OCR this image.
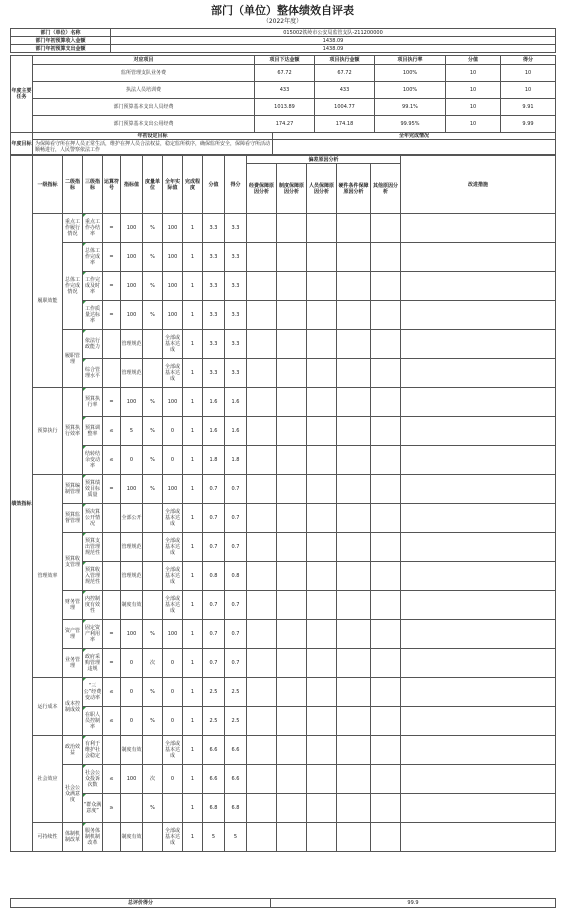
部门（单位）整体绩效自评表
（2022年度）
部门（单位）名称	015002铁岭市公安局监管支队-211200000
部门年初预算收入金额	1438.09
部门年初预算支出金额	1438.09
年度主要任务	对应项目	项目下达金额	项目执行金额	项目执行率	分值	得分
	监所管理支队业务费	67.72	67.72	100%	10	10
	执法人员培训费	433	433	100%	10	10
	部门预算基本支出人员经费	1013.89	1004.77	99.1%	10	9.91
	部门预算基本支出公用经费	174.27	174.18	99.95%	10	9.99
年度目标	年初设定目标	全年完成情况
	为保障看守所在押人员正常生活，维护在押人员合法权益，稳定监所秩序，确保监所安全，保障看守所活动顺畅进行，人民警察依法工作	
绩效指标	一级指标	二级指标	三级指标	运算符号	指标值	度量单位	全年实际值	完成程度	分值	得分	偏差原因分析					改进措施
											经费保障原因分析	制度保障原因分析	人员保障原因分析	硬件条件保障原因分析	其他原因分析	
	履职效能	重点工作履行情况	重点工作办结率	=	100	%	100	1	3.3	3.3						
		总体工作完成情况	总体工作完成率	=	100	%	100	1	3.3	3.3						
			工作完成及时率	=	100	%	100	1	3.3	3.3						
			工作质量达标率	=	100	%	100	1	3.3	3.3						
		履职管理	依法行政能力		管理规范		全部或基本达成	1	3.3	3.3						
			综合管理水平		管理规范		全部或基本达成	1	3.3	3.3						
	预算执行	预算执行效率	预算执行率	=	100	%	100	1	1.6	1.6						
			预算调整率	≤	5	%	0	1	1.6	1.6						
			结转结余变动率	≤	0	%	0	1	1.8	1.8						
	管理效率	预算编制管理	预算绩效目标质量	=	100	%	100	1	0.7	0.7						
		预算监督管理	预决算公开情况		全部公开		全部或基本达成	1	0.7	0.7						
		预算收支管理	预算支出管理规范性		管理规范		全部或基本达成	1	0.7	0.7						
			预算收入管理规范性		管理规范		全部或基本达成	1	0.8	0.8						
		财务管理	内控制度有效性		制度有效		全部或基本达成	1	0.7	0.7						
		资产管理	固定资产利用率	=	100	%	100	1	0.7	0.7						
		业务管理	政府采购管理违规	=	0	次	0	1	0.7	0.7						
	运行成本	成本控制成效	“三公”经费变动率	≤	0	%	0	1	2.5	2.5						
			在职人员控制率	≤	0	%	0	1	2.5	2.5						
	社会效应	政治效益	有利于维护社会稳定		制度有效		全部或基本达成	1	6.6	6.6						
		社会公众满意度	社会公众投诉次数	≤	100	次	0	1	6.6	6.6						
			“群众满意度”	≥		%		1	6.8	6.8						
	可持续性	体制机制改革	服务体制机制改革		制度有效		全部或基本达成	1	5	5						
总评价得分	99.9
